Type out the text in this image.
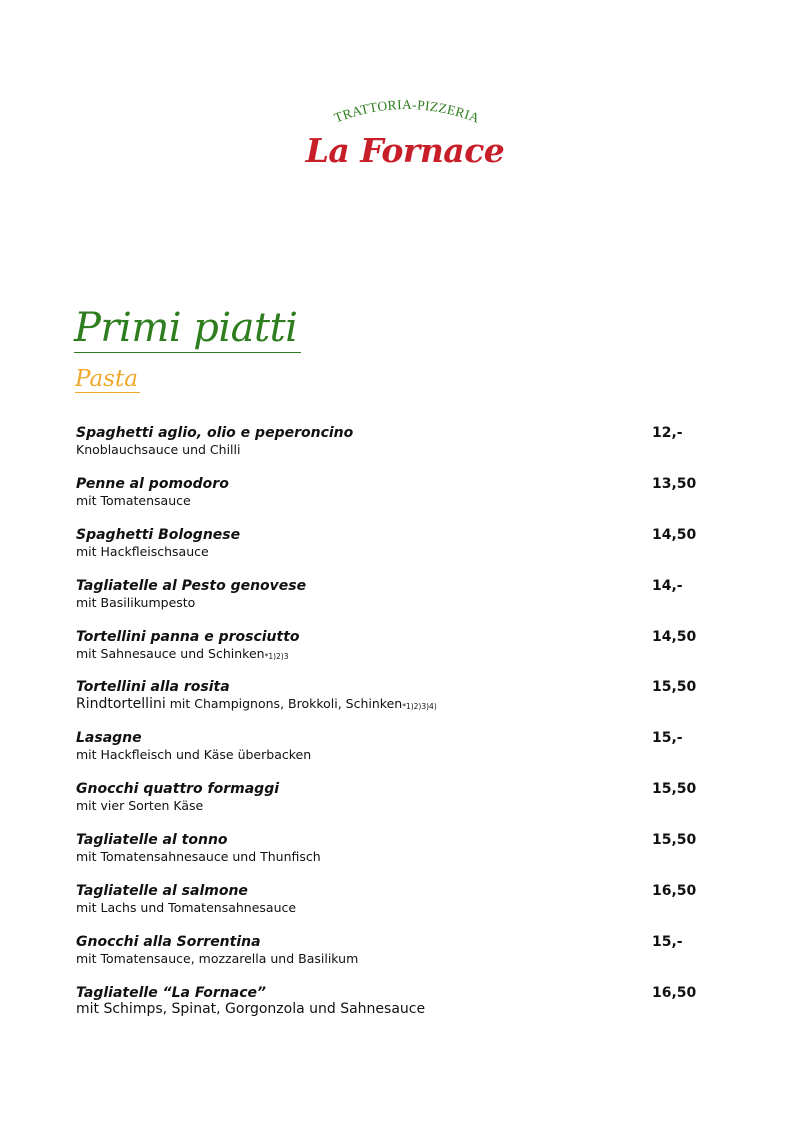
TRATTORIA-PIZZERIA
La Fornace
Primi piatti
Pasta
Spaghetti aglio, olio e peperoncino	12,-
Knoblauchsauce und Chilli
Penne al pomodoro	13,50
mit Tomatensauce
Spaghetti Bolognese	14,50
mit Hackfleischsauce
Tagliatelle al Pesto genovese	14,-
mit Basilikumpesto
Tortellini panna e prosciutto	14,50
mit Sahnesauce und Schinken$^{*1)2)3}$
Tortellini alla rosita	15,50
Rindtortellini mit Champignons, Brokkoli, Schinken$^{*1)2)3)4)}$
Lasagne	15,-
mit Hackfleisch und Käse überbacken
Gnocchi quattro formaggi	15,50
mit vier Sorten Käse
Tagliatelle al tonno	15,50
mit Tomatensahnesauce und Thunfisch
Tagliatelle al salmone	16,50
mit Lachs und Tomatensahnesauce
Gnocchi alla Sorrentina	15,-
mit Tomatensauce, mozzarella und Basilikum
Tagliatelle “La Fornace”	16,50
mit Schimps, Spinat, Gorgonzola und Sahnesauce
